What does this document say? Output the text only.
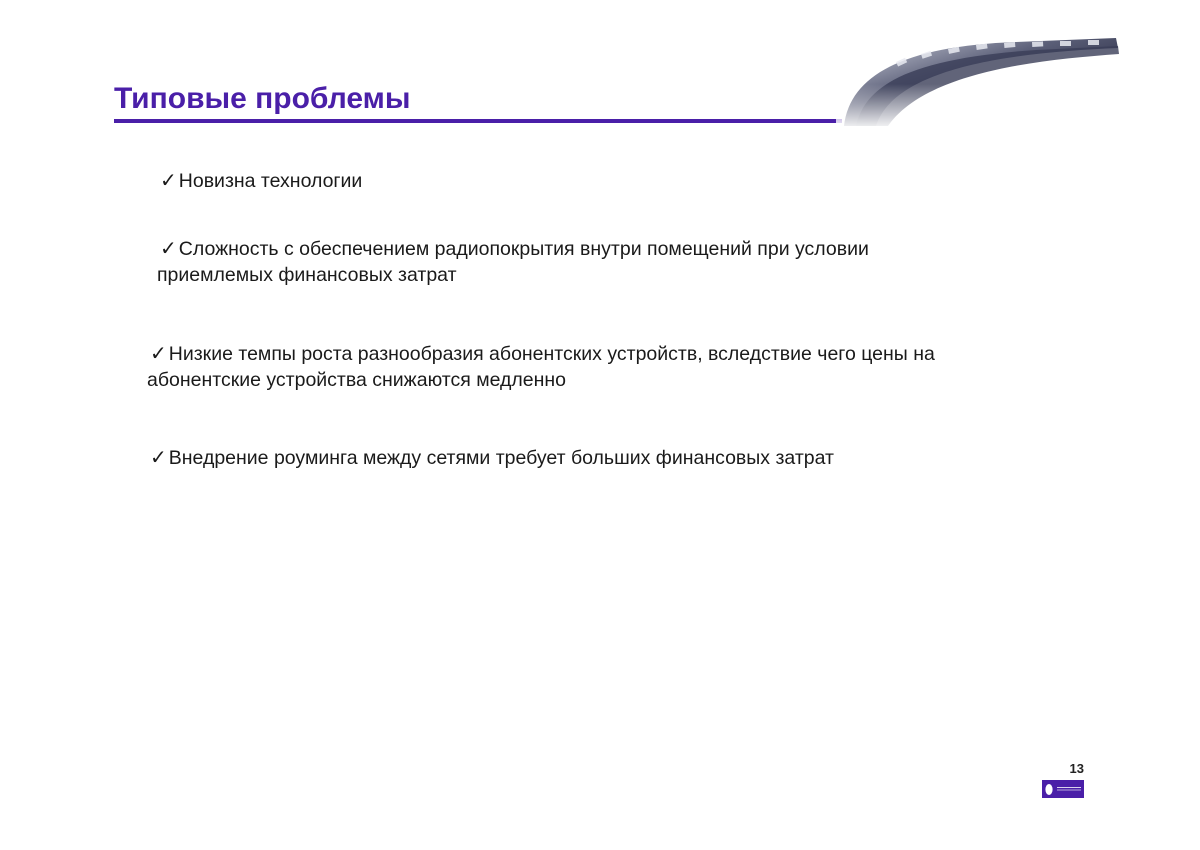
Типовые проблемы
✓ Новизна технологии
✓ Сложность с обеспечением радиопокрытия внутри помещений при условии
приемлемых финансовых затрат
✓ Низкие темпы роста разнообразия абонентских устройств, вследствие чего цены на
абонентские устройства снижаются медленно
✓ Внедрение роуминга между сетями требует больших финансовых затрат
13
